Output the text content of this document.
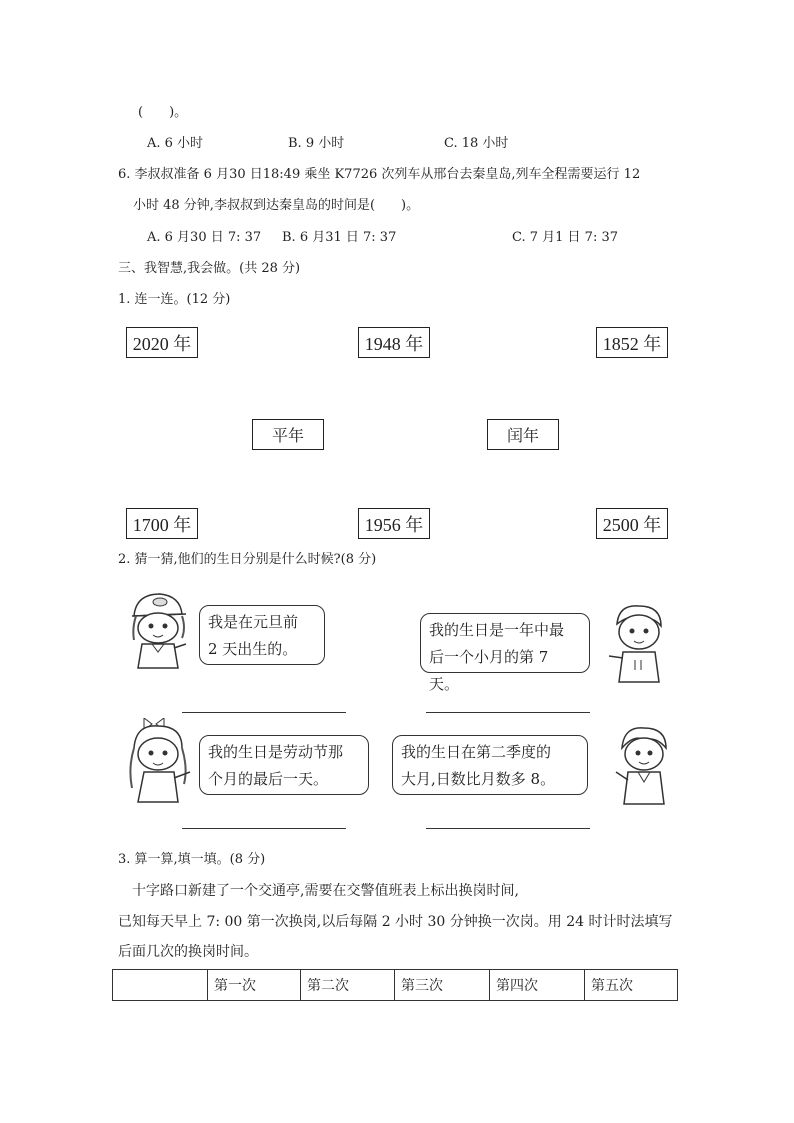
(　　)。
A. 6 小时	B. 9 小时	C. 18 小时
6. 李叔叔准备 6 月30 日18:49 乘坐 K7726 次列车从邢台去秦皇岛,列车全程需要运行 12
小时 48 分钟,李叔叔到达秦皇岛的时间是(　　)。
A. 6 月30 日 7: 37 B. 6 月31 日 7: 37	C. 7 月1 日 7: 37
三、我智慧,我会做。(共 28 分)
1. 连一连。(12 分)
2020 年	1948 年	1852 年
平年	闰年
1700 年	1956 年	2500 年
2. 猜一猜,他们的生日分别是什么时候?(8 分)
我是在元旦前
2 天出生的。
我的生日是一年中最
后一个小月的第 7 天。
我的生日是劳动节那
个月的最后一天。
我的生日在第二季度的
大月,日数比月数多 8。
3. 算一算,填一填。(8 分)
十字路口新建了一个交通亭,需要在交警值班表上标出换岗时间,
已知每天早上 7: 00 第一次换岗,以后每隔 2 小时 30 分钟换一次岗。用 24 时计时法填写
后面几次的换岗时间。
	第一次	第二次	第三次	第四次	第五次
